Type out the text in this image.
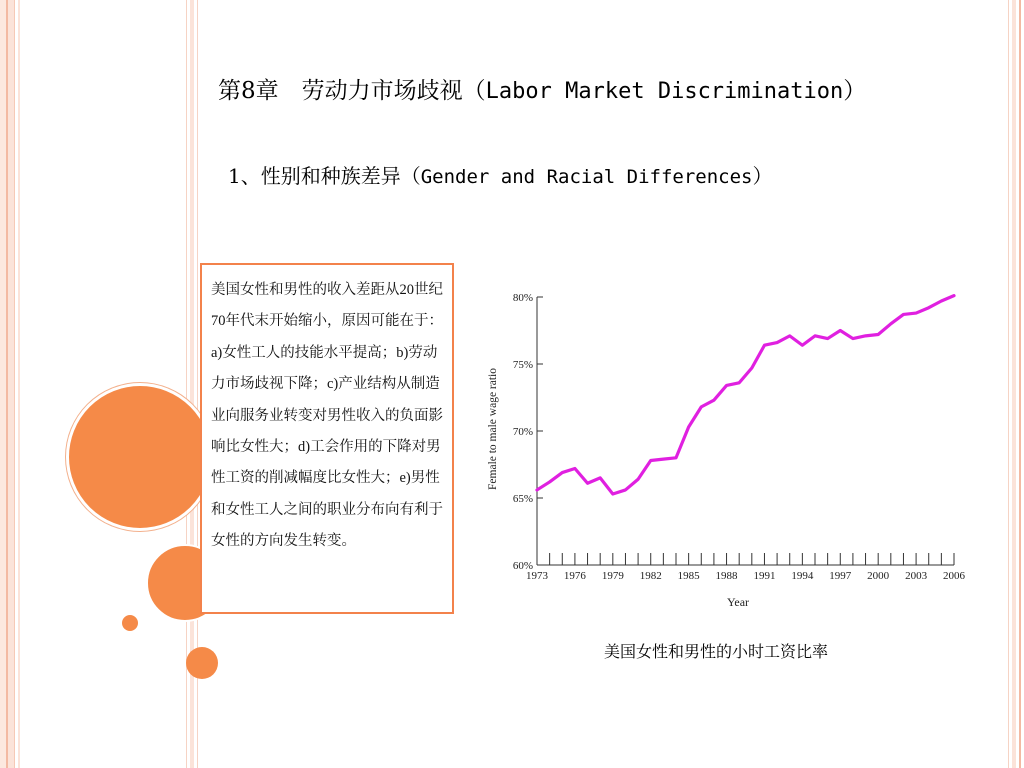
第8章　劳动力市场歧视（Labor Market Discrimination）
1、性别和种族差异（Gender and Racial Differences）
美国女性和男性的收入差距从20世纪70年代末开始缩小，原因可能在于：a)女性工人的技能水平提高；b)劳动力市场歧视下降；c)产业结构从制造业向服务业转变对男性收入的负面影响比女性大；d)工会作用的下降对男性工资的削减幅度比女性大；e)男性和女性工人之间的职业分布向有利于女性的方向发生转变。
Female to male wage ratio
Year
60%
65%
70%
75%
80%
1973 1976 1979 1982 1985 1988 1991 1994 1997 2000 2003 2006
美国女性和男性的小时工资比率
